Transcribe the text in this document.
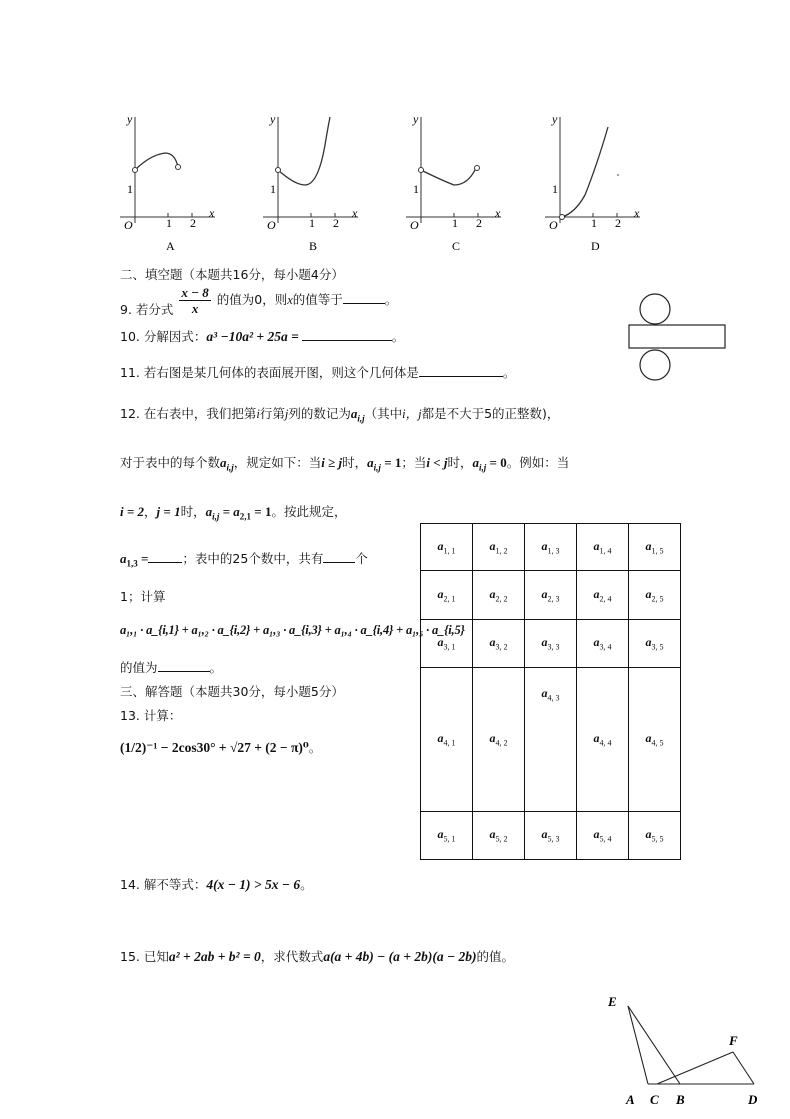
y
x
O
1
1 2
A
y
x
O
1
1 2
B
y
x
O
1
1 2
C
y
x
O
1
1 2
D
二、填空题（本题共16分，每小题4分）
9. 若分式 $\frac{x - 8}{x}$ 的值为0，则x的值等于	。
10. 分解因式：a³ −10a² + 25a =	。
11. 若右图是某几何体的表面展开图，则这个几何体是	。
12. 在右表中，我们把第i行第j列的数记为$a_{i,j}$（其中i，j都是不大于5的正整数)，
对于表中的每个数$a_{i,j}$，规定如下：当i ≥ j时，$a_{i,j} = 1$；当i < j时，$a_{i,j} = 0$。例如：当
i = 2，j = 1时，$a_{i,j} = a_{2,1} = 1$。按此规定，
$a_{1,3}$ =	；表中的25个数中，共有	个
1；计算
a₁,₁ · a_{i,1} + a₁,₂ · a_{i,2} + a₁,₃ · a_{i,3} + a₁,₄ · a_{i,4} + a₁,₅ · a_{i,5}
的值为	。
$a_{1, 1}$	$a_{1, 2}$	$a_{1, 3}$	$a_{1, 4}$	$a_{1, 5}$
$a_{2, 1}$	$a_{2, 2}$	$a_{2, 3}$	$a_{2, 4}$	$a_{2, 5}$
$a_{3, 1}$	$a_{3, 2}$	$a_{3, 3}$	$a_{3, 4}$	$a_{3, 5}$
$a_{4, 1}$	$a_{4, 2}$	$a_{4, 3}$	$a_{4, 4}$	$a_{4, 5}$
$a_{5, 1}$	$a_{5, 2}$	$a_{5, 3}$	$a_{5, 4}$	$a_{5, 5}$
三、解答题（本题共30分，每小题5分）
13. 计算：
(1/2)⁻¹ − 2cos30° + √27 + (2 − π)⁰。
14. 解不等式：4(x − 1) > 5x − 6。
15. 已知a² + 2ab + b² = 0，求代数式a(a + 4b) − (a + 2b)(a − 2b)的值。
E
F
A C B	D
